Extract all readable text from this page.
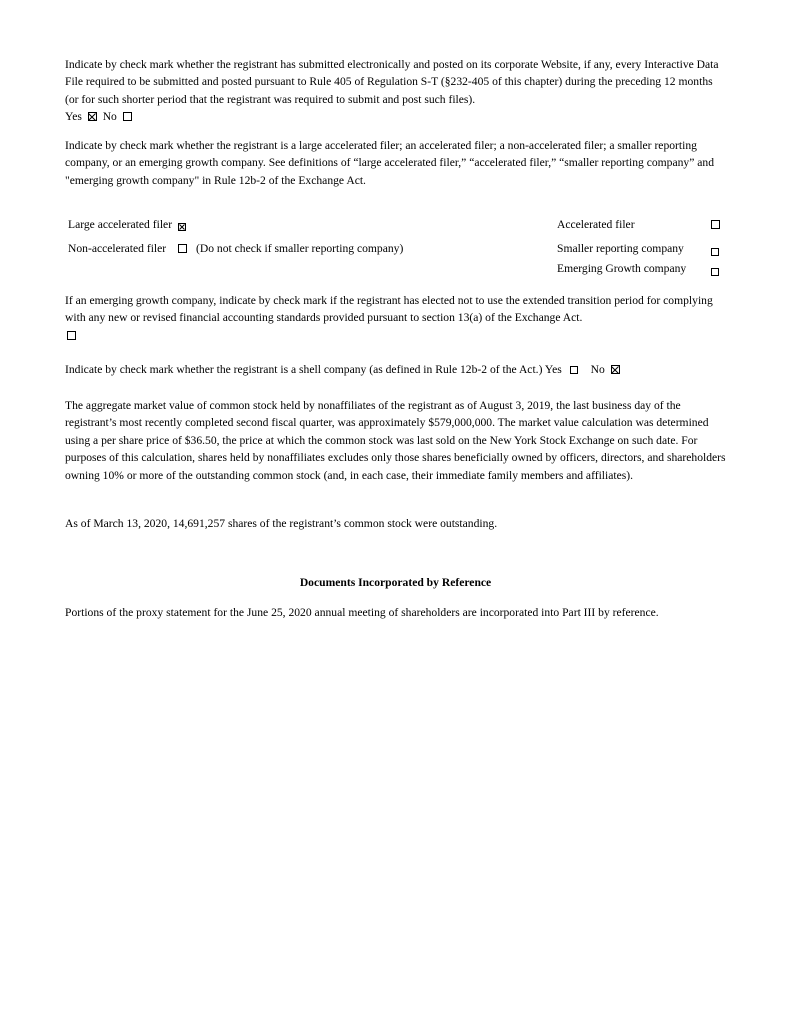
Indicate by check mark whether the registrant has submitted electronically and posted on its corporate Website, if any, every Interactive Data File required to be submitted and posted pursuant to Rule 405 of Regulation S-T (§232-405 of this chapter) during the preceding 12 months (or for such shorter period that the registrant was required to submit and post such files).
Yes No

Indicate by check mark whether the registrant is a large accelerated filer; an accelerated filer; a non-accelerated filer; a smaller reporting company, or an emerging growth company. See definitions of “large accelerated filer,” “accelerated filer,” “smaller reporting company” and "emerging growth company" in Rule 12b-2 of the Exchange Act.

Large accelerated filer	Accelerated filer
Non-accelerated filer	(Do not check if smaller reporting company)	Smaller reporting company
Emerging Growth company

If an emerging growth company, indicate by check mark if the registrant has elected not to use the extended transition period for complying with any new or revised financial accounting standards provided pursuant to section 13(a) of the Exchange Act.

Indicate by check mark whether the registrant is a shell company (as defined in Rule 12b-2 of the Act.) Yes No

The aggregate market value of common stock held by nonaffiliates of the registrant as of August 3, 2019, the last business day of the registrant’s most recently completed second fiscal quarter, was approximately $579,000,000. The market value calculation was determined using a per share price of $36.50, the price at which the common stock was last sold on the New York Stock Exchange on such date. For purposes of this calculation, shares held by nonaffiliates excludes only those shares beneficially owned by officers, directors, and shareholders owning 10% or more of the outstanding common stock (and, in each case, their immediate family members and affiliates).

As of March 13, 2020, 14,691,257 shares of the registrant’s common stock were outstanding.

Documents Incorporated by Reference

Portions of the proxy statement for the June 25, 2020 annual meeting of shareholders are incorporated into Part III by reference.
